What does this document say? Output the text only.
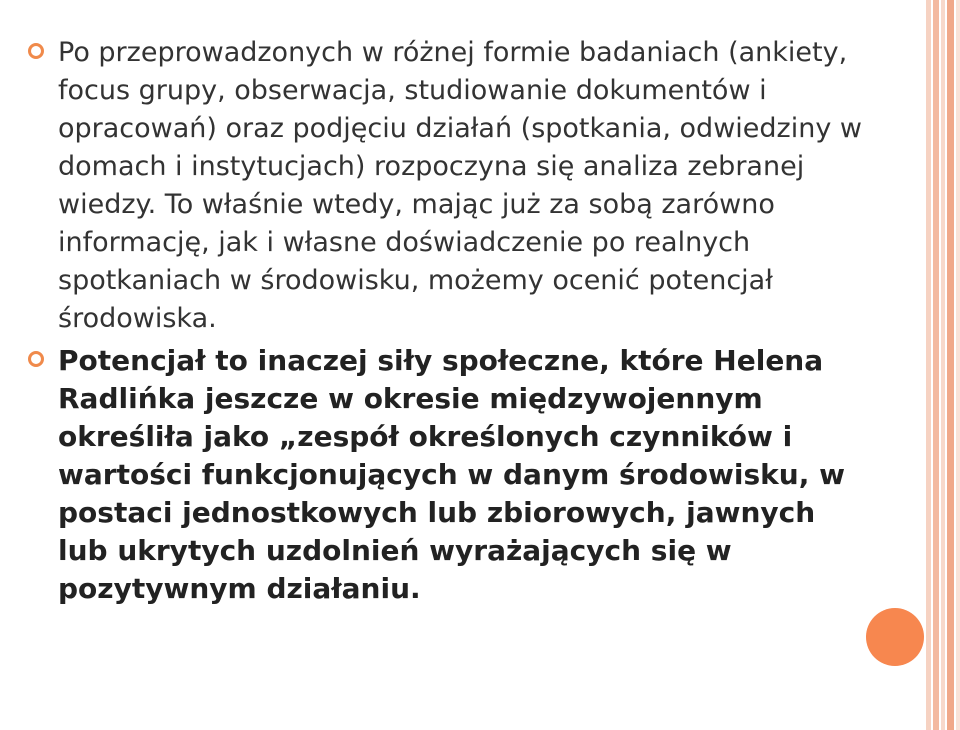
Po przeprowadzonych w różnej formie badaniach (ankiety, focus grupy, obserwacja, studiowanie dokumentów i opracowań) oraz podjęciu działań (spotkania, odwiedziny w domach i instytucjach) rozpoczyna się analiza zebranej wiedzy. To właśnie wtedy, mając już za sobą zarówno informację, jak i własne doświadczenie po realnych spotkaniach w środowisku, możemy ocenić potencjał środowiska.
Potencjał to inaczej siły społeczne, które Helena Radlińka jeszcze w okresie międzywojennym określiła jako „zespół określonych czynników i wartości funkcjonujących w danym środowisku, w postaci jednostkowych lub zbiorowych, jawnych lub ukrytych uzdolnień wyrażających się w pozytywnym działaniu.
